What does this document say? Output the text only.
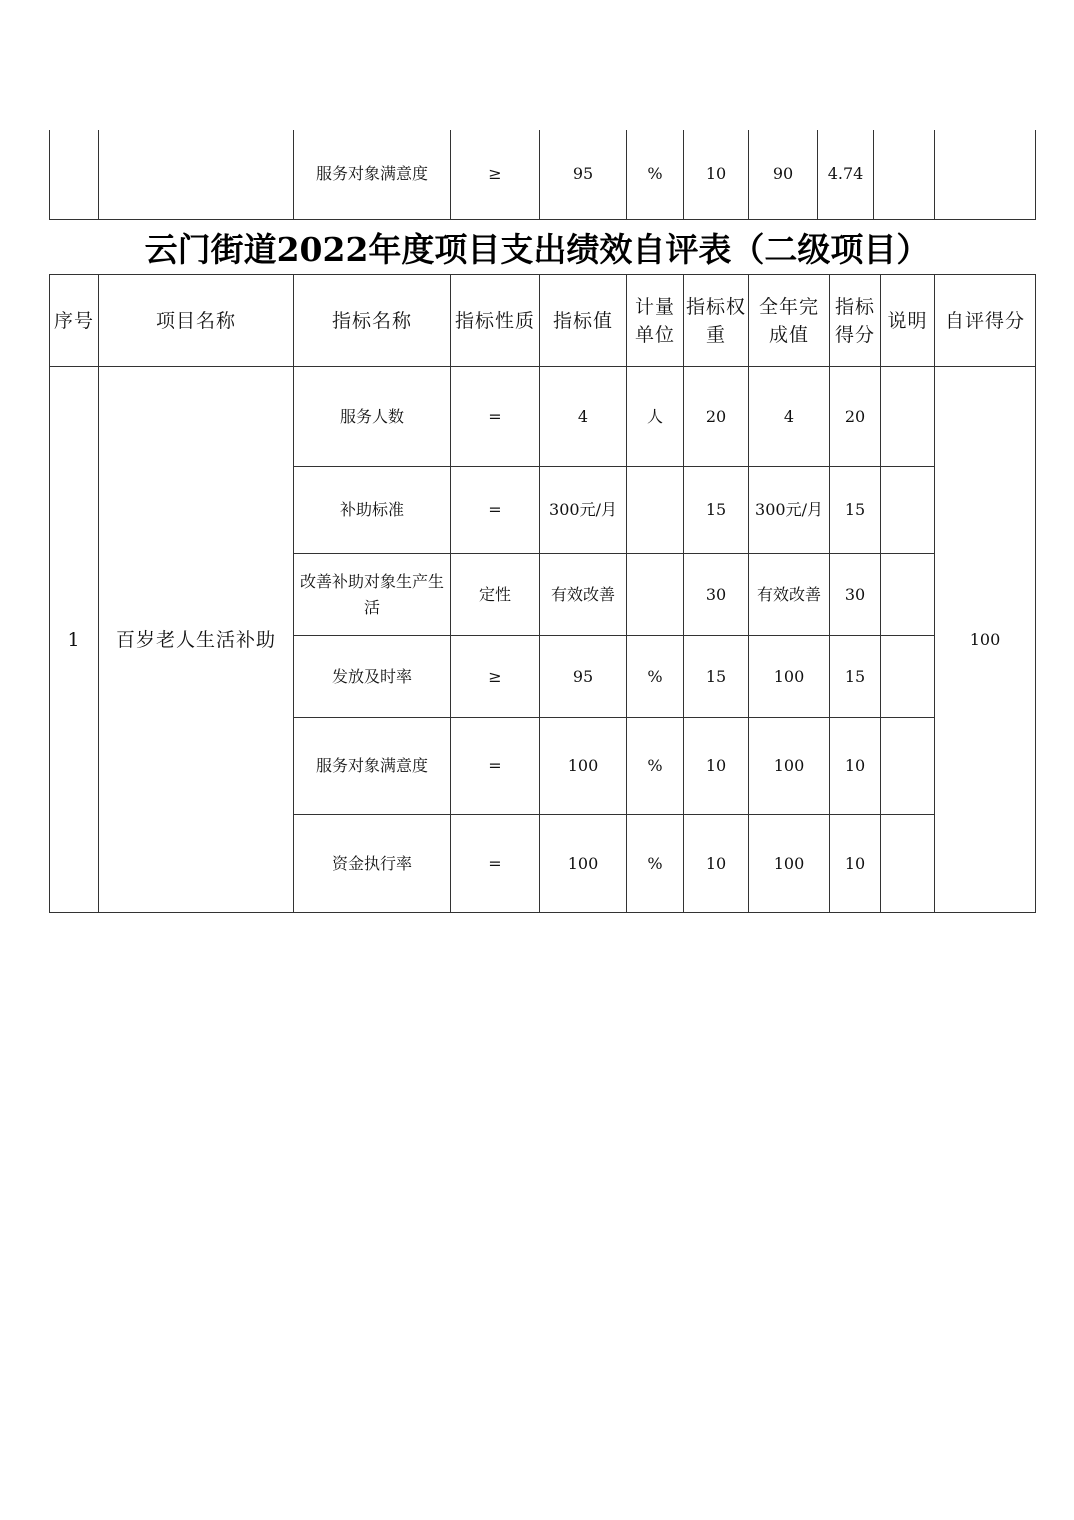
		服务对象满意度	≥	95	%	10	90	4.74		
云门街道2022年度项目支出绩效自评表（二级项目）
序号	项目名称	指标名称	指标性质	指标值	计量单位	指标权重	全年完成值	指标得分	说明	自评得分
1	百岁老人生活补助	服务人数	=	4	人	20	4	20		100
		补助标准	=	300元/月		15	300元/月	15		
		改善补助对象生产生活	定性	有效改善		30	有效改善	30		
		发放及时率	≥	95	%	15	100	15		
		服务对象满意度	=	100	%	10	100	10		
		资金执行率	=	100	%	10	100	10		
